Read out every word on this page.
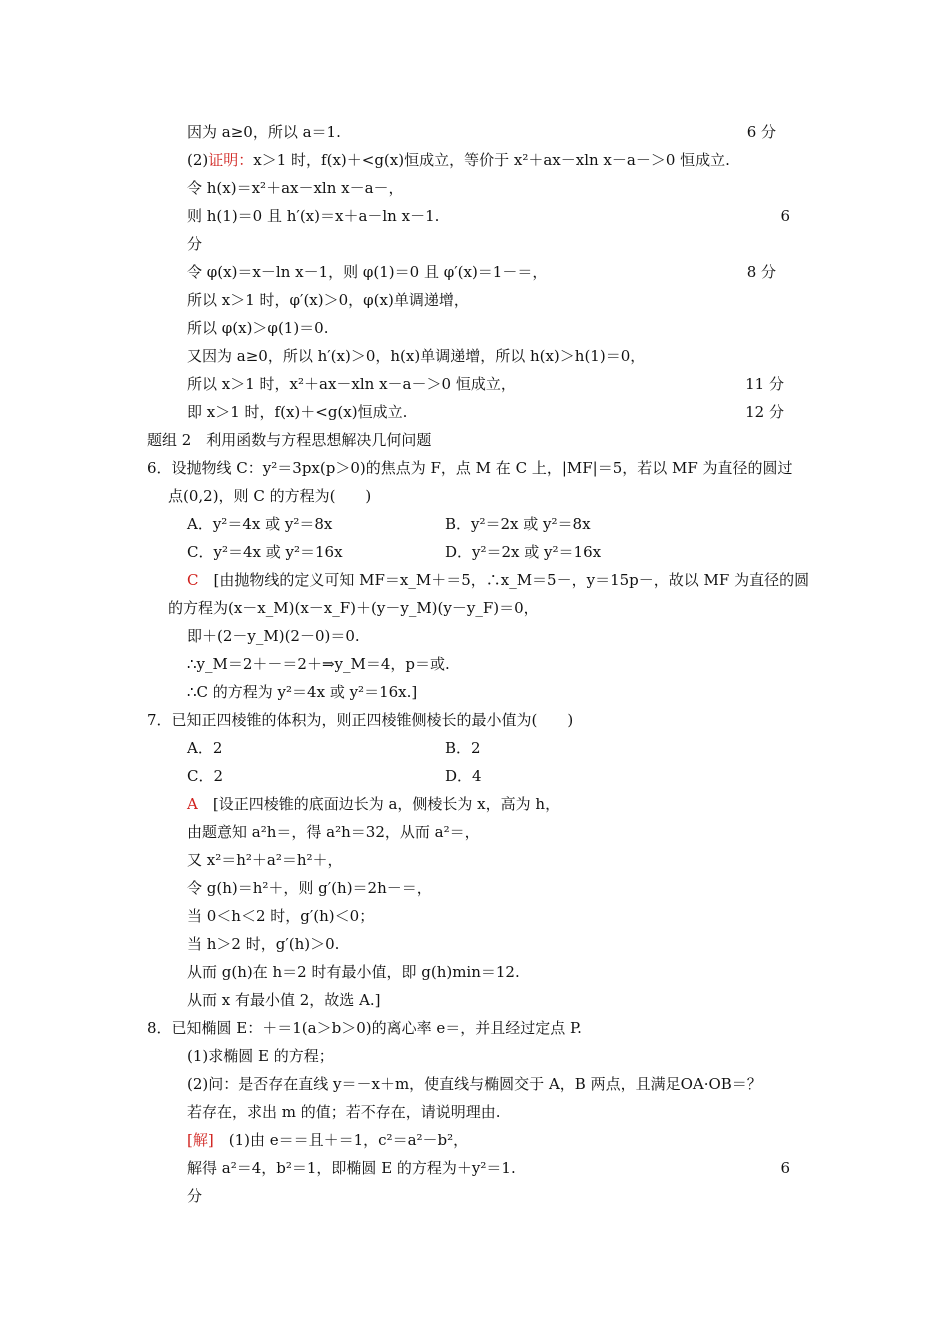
因为 a≥0，所以 a＝1.	6 分
(2)证明：x＞1 时，f(x)＋<g(x)恒成立，等价于 x²＋ax－xln x－a－＞0 恒成立.
令 h(x)＝x²＋ax－xln x－a－，
则 h(1)＝0 且 h′(x)＝x＋a－ln x－1.	6
分
令 φ(x)＝x－ln x－1，则 φ(1)＝0 且 φ′(x)＝1－＝，	8 分
所以 x＞1 时，φ′(x)＞0，φ(x)单调递增，
所以 φ(x)＞φ(1)＝0.
又因为 a≥0，所以 h′(x)＞0，h(x)单调递增，所以 h(x)＞h(1)＝0，
所以 x＞1 时，x²＋ax－xln x－a－＞0 恒成立，	11 分
即 x＞1 时，f(x)＋<g(x)恒成立.	12 分
题组 2　利用函数与方程思想解决几何问题
6．设抛物线 C：y²＝3px(p＞0)的焦点为 F，点 M 在 C 上，|MF|＝5，若以 MF 为直径的圆过
点(0,2)，则 C 的方程为(　　)
A．y²＝4x 或 y²＝8x	B．y²＝2x 或 y²＝8x
C．y²＝4x 或 y²＝16x	D．y²＝2x 或 y²＝16x
C　[由抛物线的定义可知 MF＝x_M＋＝5，∴x_M＝5－，y＝15p－，故以 MF 为直径的圆
的方程为(x－x_M)(x－x_F)＋(y－y_M)(y－y_F)＝0，
即＋(2－y_M)(2－0)＝0.
∴y_M＝2＋－＝2＋⇒y_M＝4，p＝或.
∴C 的方程为 y²＝4x 或 y²＝16x.]
7．已知正四棱锥的体积为，则正四棱锥侧棱长的最小值为(　　)
A．2	B．2
C．2	D．4
A　[设正四棱锥的底面边长为 a，侧棱长为 x，高为 h，
由题意知 a²h＝，得 a²h＝32，从而 a²＝，
又 x²＝h²＋a²＝h²＋，
令 g(h)＝h²＋，则 g′(h)＝2h－＝，
当 0＜h＜2 时，g′(h)＜0；
当 h＞2 时，g′(h)＞0.
从而 g(h)在 h＝2 时有最小值，即 g(h)min＝12.
从而 x 有最小值 2，故选 A.]
8．已知椭圆 E：＋＝1(a＞b＞0)的离心率 e＝，并且经过定点 P.
(1)求椭圆 E 的方程；
(2)问：是否存在直线 y＝－x＋m，使直线与椭圆交于 A，B 两点，且满足OA·OB＝？
若存在，求出 m 的值；若不存在，请说明理由.
[解]　(1)由 e＝＝且＋＝1，c²＝a²－b²，
解得 a²＝4，b²＝1，即椭圆 E 的方程为＋y²＝1.	6
分
